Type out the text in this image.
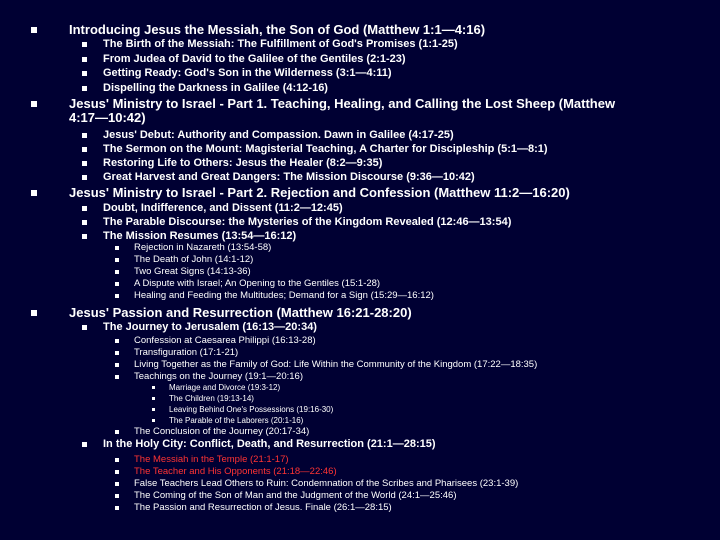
Introducing Jesus the Messiah, the Son of God (Matthew 1:1—4:16)
The Birth of the Messiah: The Fulfillment of God's Promises (1:1-25)
From Judea of David to the Galilee of the Gentiles (2:1-23)
Getting Ready: God's Son in the Wilderness (3:1—4:11)
Dispelling the Darkness in Galilee (4:12-16)
Jesus' Ministry to Israel - Part 1. Teaching, Healing, and Calling the Lost Sheep (Matthew
4:17—10:42)
Jesus' Debut: Authority and Compassion. Dawn in Galilee (4:17-25)
The Sermon on the Mount: Magisterial Teaching, A Charter for Discipleship (5:1—8:1)
Restoring Life to Others: Jesus the Healer (8:2—9:35)
Great Harvest and Great Dangers: The Mission Discourse (9:36—10:42)
Jesus' Ministry to Israel - Part 2. Rejection and Confession (Matthew 11:2—16:20)
Doubt, Indifference, and Dissent (11:2—12:45)
The Parable Discourse: the Mysteries of the Kingdom Revealed (12:46—13:54)
The Mission Resumes (13:54—16:12)
Rejection in Nazareth (13:54-58)
The Death of John (14:1-12)
Two Great Signs (14:13-36)
A Dispute with Israel; An Opening to the Gentiles (15:1-28)
Healing and Feeding the Multitudes; Demand for a Sign (15:29—16:12)
Jesus' Passion and Resurrection (Matthew 16:21-28:20)
The Journey to Jerusalem (16:13—20:34)
Confession at Caesarea Philippi (16:13-28)
Transfiguration (17:1-21)
Living Together as the Family of God: Life Within the Community of the Kingdom (17:22—18:35)
Teachings on the Journey (19:1—20:16)
Marriage and Divorce (19:3-12)
The Children (19:13-14)
Leaving Behind One's Possessions (19:16-30)
The Parable of the Laborers (20:1-16)
The Conclusion of the Journey (20:17-34)
In the Holy City: Conflict, Death, and Resurrection (21:1—28:15)
The Messiah in the Temple (21:1-17)
The Teacher and His Opponents (21:18—22:46)
False Teachers Lead Others to Ruin: Condemnation of the Scribes and Pharisees (23:1-39)
The Coming of the Son of Man and the Judgment of the World (24:1—25:46)
The Passion and Resurrection of Jesus. Finale (26:1—28:15)
